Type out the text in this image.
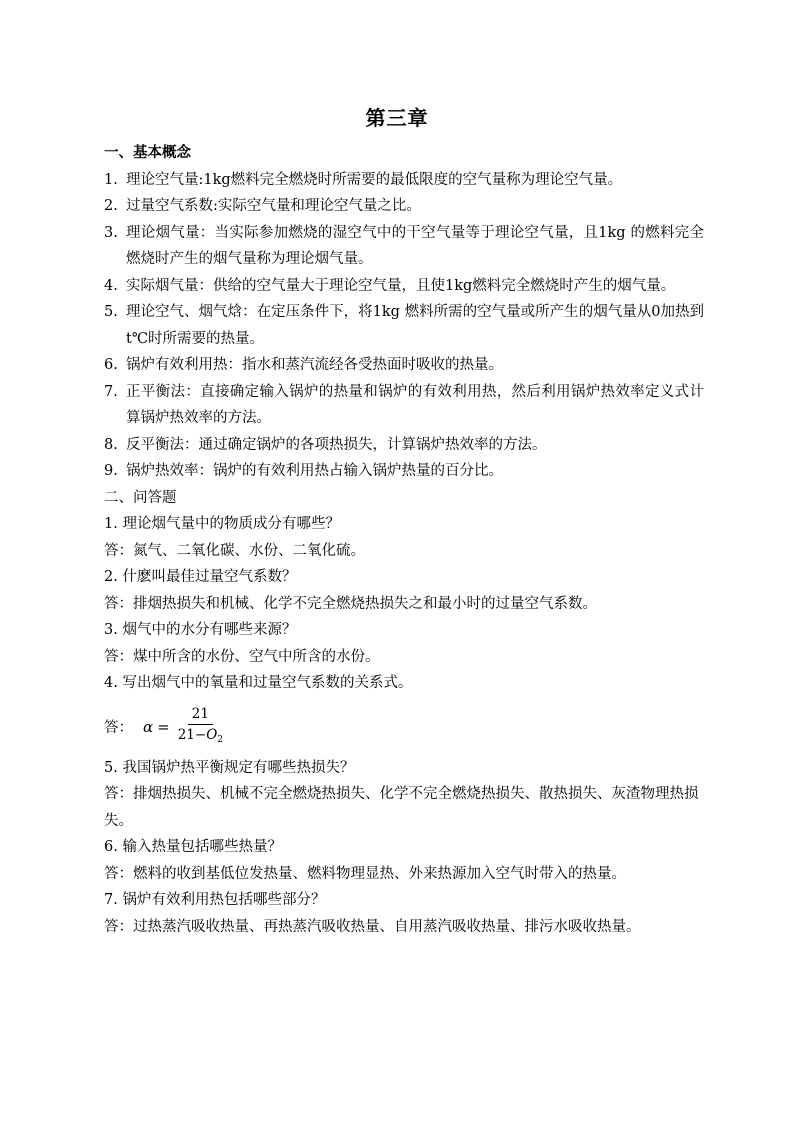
第三章
一、基本概念
1. 理论空气量:1kg燃料完全燃烧时所需要的最低限度的空气量称为理论空气量。
2. 过量空气系数:实际空气量和理论空气量之比。
3. 理论烟气量：当实际参加燃烧的湿空气中的干空气量等于理论空气量，且1kg 的燃料完全燃烧时产生的烟气量称为理论烟气量。
4. 实际烟气量：供给的空气量大于理论空气量，且使1kg燃料完全燃烧时产生的烟气量。
5. 理论空气、烟气焓：在定压条件下，将1kg 燃料所需的空气量或所产生的烟气量从0加热到 t℃时所需要的热量。
6. 锅炉有效利用热：指水和蒸汽流经各受热面时吸收的热量。
7. 正平衡法：直接确定输入锅炉的热量和锅炉的有效利用热，然后利用锅炉热效率定义式计算锅炉热效率的方法。
8. 反平衡法：通过确定锅炉的各项热损失，计算锅炉热效率的方法。
9. 锅炉热效率：锅炉的有效利用热占输入锅炉热量的百分比。
二、问答题
1. 理论烟气量中的物质成分有哪些？
答：氮气、二氧化碳、水份、二氧化硫。
2. 什麽叫最佳过量空气系数？
答：排烟热损失和机械、化学不完全燃烧热损失之和最小时的过量空气系数。
3. 烟气中的水分有哪些来源？
答：煤中所含的水份、空气中所含的水份。
4. 写出烟气中的氧量和过量空气系数的关系式。
答： $\alpha = \frac{21}{21-O_2}$
5. 我国锅炉热平衡规定有哪些热损失？
答：排烟热损失、机械不完全燃烧热损失、化学不完全燃烧热损失、散热损失、灰渣物理热损失。
6. 输入热量包括哪些热量？
答：燃料的收到基低位发热量、燃料物理显热、外来热源加入空气时带入的热量。
7. 锅炉有效利用热包括哪些部分？
答：过热蒸汽吸收热量、再热蒸汽吸收热量、自用蒸汽吸收热量、排污水吸收热量。
